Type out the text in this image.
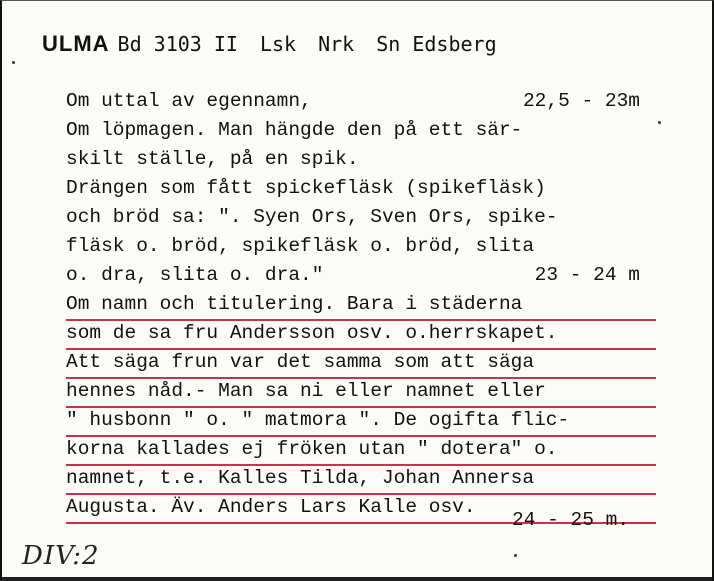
ULMA Bd 3103 II Lsk Nrk Sn Edsberg
Om uttal av egennamn,	22,5 - 23m
Om löpmagen. Man hängde den på ett sär-
skilt ställe, på en spik.
Drängen som fått spickefläsk (spikefläsk)
och bröd sa: ". Syen Ors, Sven Ors, spike-
fläsk o. bröd, spikefläsk o. bröd, slita
o. dra, slita o. dra."	23 - 24 m
Om namn och titulering. Bara i städerna
som de sa fru Andersson osv. o.herrskapet.
Att säga frun var det samma som att säga
hennes nåd.- Man sa ni eller namnet eller
" husbonn " o. " matmora ". De ogifta flic-
korna kallades ej fröken utan " dotera" o.
namnet, t.e. Kalles Tilda, Johan Annersa
Augusta. Äv. Anders Lars Kalle osv.
24 - 25 m.
DIV:2
